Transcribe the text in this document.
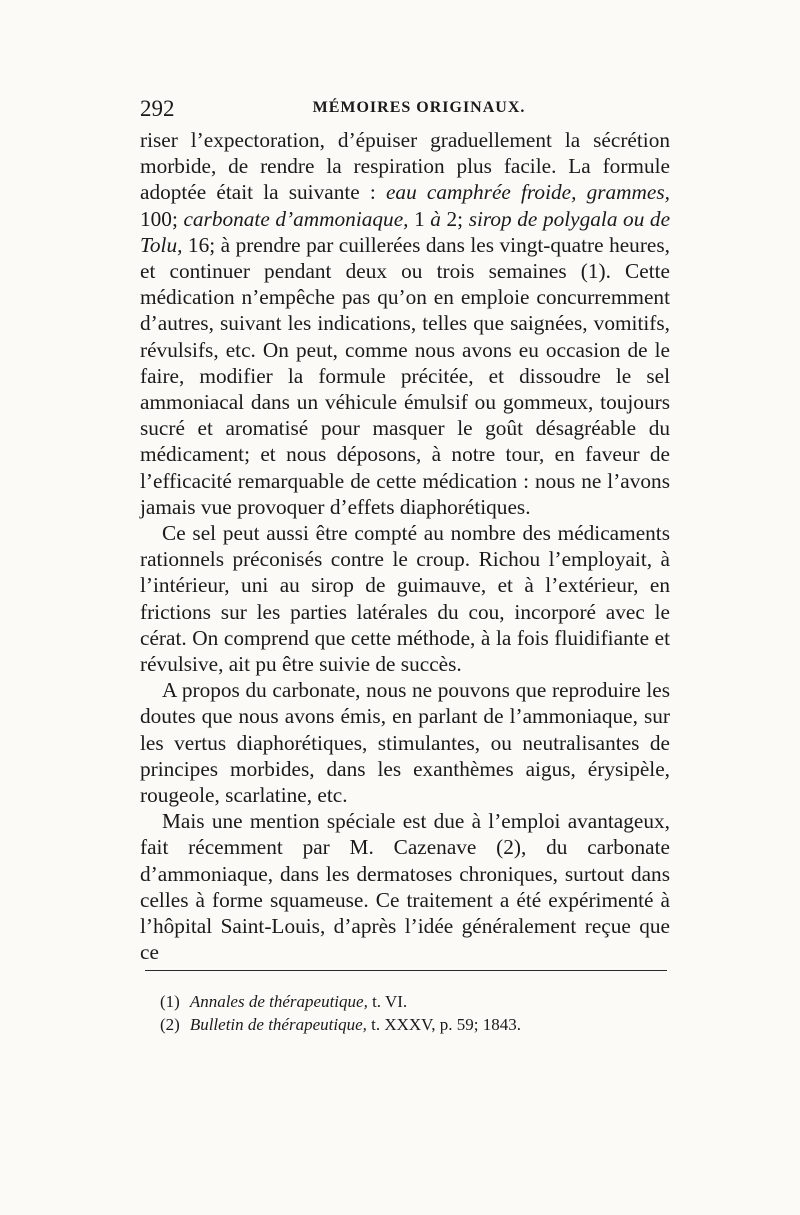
292	MÉMOIRES ORIGINAUX.

riser l’expectoration, d’épuiser graduellement la sécrétion morbide, de rendre la respiration plus facile. La formule adoptée était la suivante : eau camphrée froide, grammes, 100; carbonate d’ammoniaque, 1 à 2; sirop de polygala ou de Tolu, 16; à prendre par cuillerées dans les vingt-quatre heures, et continuer pendant deux ou trois semaines (1). Cette médication n’empêche pas qu’on en emploie concurremment d’autres, suivant les indications, telles que saignées, vomitifs, révulsifs, etc. On peut, comme nous avons eu occasion de le faire, modifier la formule précitée, et dissoudre le sel ammoniacal dans un véhicule émulsif ou gommeux, toujours sucré et aromatisé pour masquer le goût désagréable du médicament; et nous déposons, à notre tour, en faveur de l’efficacité remarquable de cette médication : nous ne l’avons jamais vue provoquer d’effets diaphorétiques.

Ce sel peut aussi être compté au nombre des médicaments rationnels préconisés contre le croup. Richou l’employait, à l’intérieur, uni au sirop de guimauve, et à l’extérieur, en frictions sur les parties latérales du cou, incorporé avec le cérat. On comprend que cette méthode, à la fois fluidifiante et révulsive, ait pu être suivie de succès.

A propos du carbonate, nous ne pouvons que reproduire les doutes que nous avons émis, en parlant de l’ammoniaque, sur les vertus diaphorétiques, stimulantes, ou neutralisantes de principes morbides, dans les exanthèmes aigus, érysipèle, rougeole, scarlatine, etc.

Mais une mention spéciale est due à l’emploi avantageux, fait récemment par M. Cazenave (2), du carbonate d’ammoniaque, dans les dermatoses chroniques, surtout dans celles à forme squameuse. Ce traitement a été expérimenté à l’hôpital Saint-Louis, d’après l’idée généralement reçue que ce

(1) Annales de thérapeutique, t. VI.

(2) Bulletin de thérapeutique, t. XXXV, p. 59; 1843.
